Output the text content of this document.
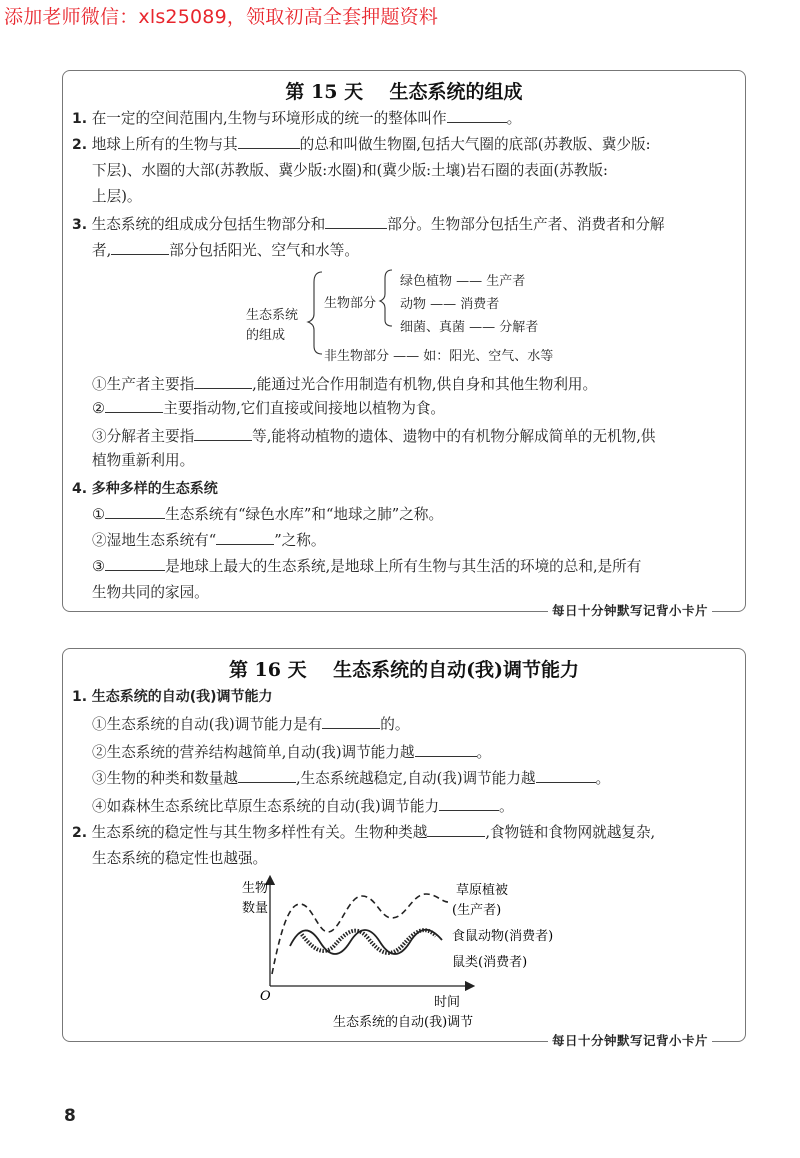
添加老师微信：xls25089，领取初高全套押题资料
第 15 天    生态系统的组成
1. 在一定的空间范围内,生物与环境形成的统一的整体叫作	。
2. 地球上所有的生物与其	的总和叫做生物圈,包括大气圈的底部(苏教版、冀少版:
下层)、水圈的大部(苏教版、冀少版:水圈)和(冀少版:土壤)岩石圈的表面(苏教版:
上层)。
3. 生态系统的组成成分包括生物部分和	部分。生物部分包括生产者、消费者和分解
者,	部分包括阳光、空气和水等。
生态系统
的组成
生物部分
非生物部分 —— 如：阳光、空气、水等
绿色植物 —— 生产者
动物 —— 消费者
细菌、真菌 —— 分解者
①生产者主要指	,能通过光合作用制造有机物,供自身和其他生物利用。
②	主要指动物,它们直接或间接地以植物为食。
③分解者主要指	等,能将动植物的遗体、遗物中的有机物分解成简单的无机物,供
植物重新利用。
4. 多种多样的生态系统
①	生态系统有“绿色水库”和“地球之肺”之称。
②湿地生态系统有“	”之称。
③	是地球上最大的生态系统,是地球上所有生物与其生活的环境的总和,是所有
生物共同的家园。
每日十分钟默写记背小卡片
第 16 天    生态系统的自动(我)调节能力
1. 生态系统的自动(我)调节能力
①生态系统的自动(我)调节能力是有	的。
②生态系统的营养结构越简单,自动(我)调节能力越	。
③生物的种类和数量越	,生态系统越稳定,自动(我)调节能力越	。
④如森林生态系统比草原生态系统的自动(我)调节能力	。
2. 生态系统的稳定性与其生物多样性有关。生物种类越	,食物链和食物网就越复杂,
生态系统的稳定性也越强。
O	时间
生态系统的自动(我)调节
生物
数量
草原植被
(生产者)
食鼠动物(消费者)
鼠类(消费者)
每日十分钟默写记背小卡片
8
